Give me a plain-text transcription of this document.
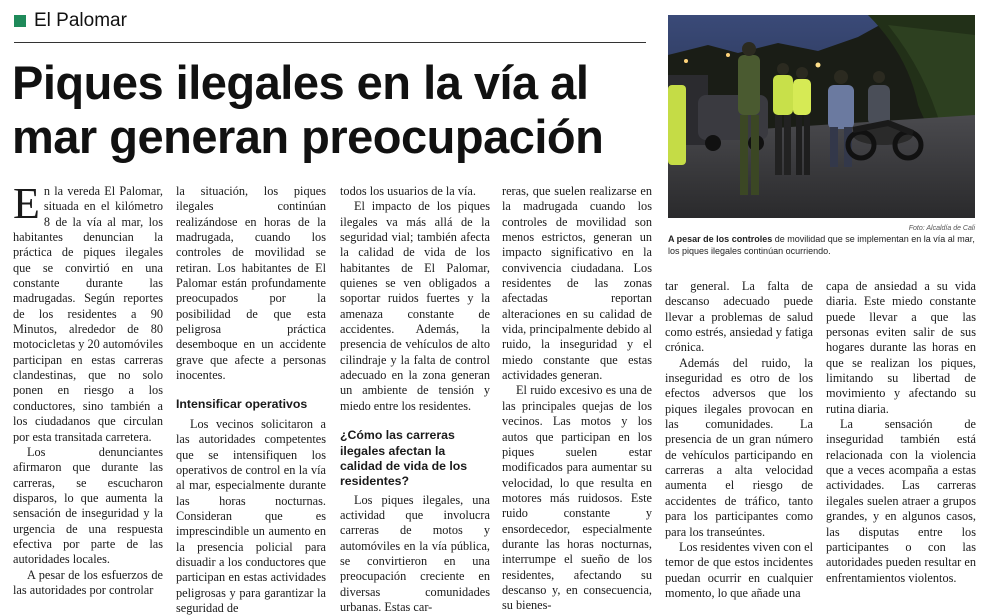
El Palomar
Piques ilegales en la vía al mar generan preocupación
Foto: Alcaldía de Cali
A pesar de los controles de movilidad que se implementan en la vía al mar, los piques ilegales continúan ocurriendo.

En la vereda El Palomar, situada en el kilómetro 8 de la vía al mar, los habitantes denuncian la práctica de piques ilegales que se convirtió en una constante durante las madrugadas. Según reportes de los residentes a 90 Minutos, alrededor de 80 motocicletas y 20 automóviles participan en estas carreras clandestinas, que no solo ponen en riesgo a los conductores, sino también a los ciudadanos que circulan por esta transitada carretera.

Los denunciantes afirmaron que durante las carreras, se escucharon disparos, lo que aumenta la sensación de inseguridad y la urgencia de una respuesta efectiva por parte de las autoridades locales.

A pesar de los esfuerzos de las autoridades por controlar

la situación, los piques ilegales continúan realizándose en horas de la madrugada, cuando los controles de movilidad se retiran. Los habitantes de El Palomar están profundamente preocupados por la posibilidad de que esta peligrosa práctica desemboque en un accidente grave que afecte a personas inocentes.

Intensificar operativos

Los vecinos solicitaron a las autoridades competentes que se intensifiquen los operativos de control en la vía al mar, especialmente durante las horas nocturnas. Consideran que es imprescindible un aumento en la presencia policial para disuadir a los conductores que participan en estas actividades peligrosas y para garantizar la seguridad de

todos los usuarios de la vía.

El impacto de los piques ilegales va más allá de la seguridad vial; también afecta la calidad de vida de los habitantes de El Palomar, quienes se ven obligados a soportar ruidos fuertes y la amenaza constante de accidentes. Además, la presencia de vehículos de alto cilindraje y la falta de control adecuado en la zona generan un ambiente de tensión y miedo entre los residentes.

¿Cómo las carreras ilegales afectan la calidad de vida de los residentes?

Los piques ilegales, una actividad que involucra carreras de motos y automóviles en la vía pública, se convirtieron en una preocupación creciente en diversas comunidades urbanas. Estas car-

reras, que suelen realizarse en la madrugada cuando los controles de movilidad son menos estrictos, generan un impacto significativo en la convivencia ciudadana. Los residentes de las zonas afectadas reportan alteraciones en su calidad de vida, principalmente debido al ruido, la inseguridad y el miedo constante que estas actividades generan.

El ruido excesivo es una de las principales quejas de los vecinos. Las motos y los autos que participan en los piques suelen estar modificados para aumentar su velocidad, lo que resulta en motores más ruidosos. Este ruido constante y ensordecedor, especialmente durante las horas nocturnas, interrumpe el sueño de los residentes, afectando su descanso y, en consecuencia, su bienes-

tar general. La falta de descanso adecuado puede llevar a problemas de salud como estrés, ansiedad y fatiga crónica.

Además del ruido, la inseguridad es otro de los efectos adversos que los piques ilegales provocan en las comunidades. La presencia de un gran número de vehículos participando en carreras a alta velocidad aumenta el riesgo de accidentes de tráfico, tanto para los participantes como para los transeúntes.

Los residentes viven con el temor de que estos incidentes puedan ocurrir en cualquier momento, lo que añade una

capa de ansiedad a su vida diaria. Este miedo constante puede llevar a que las personas eviten salir de sus hogares durante las horas en que se realizan los piques, limitando su libertad de movimiento y afectando su rutina diaria.

La sensación de inseguridad también está relacionada con la violencia que a veces acompaña a estas actividades. Las carreras ilegales suelen atraer a grupos grandes, y en algunos casos, las disputas entre los participantes o con las autoridades pueden resultar en enfrentamientos violentos.
